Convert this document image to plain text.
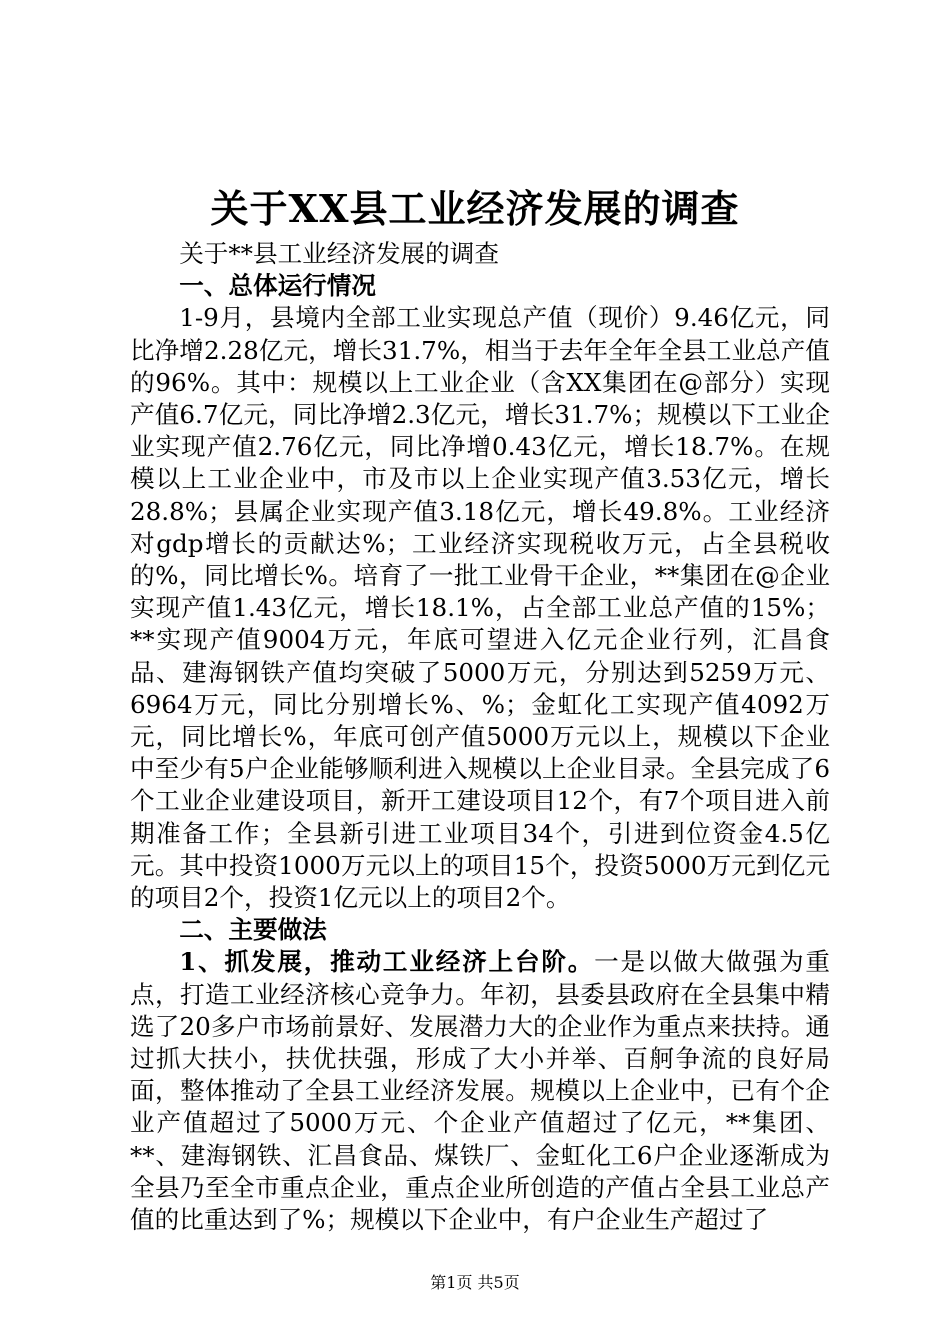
关于XX县工业经济发展的调查

关于**县工业经济发展的调查

一、总体运行情况

1-9月，县境内全部工业实现总产值（现价）9.46亿元，同比净增2.28亿元，增长31.7%，相当于去年全年全县工业总产值的96%。其中：规模以上工业企业（含XX集团在@部分）实现产值6.7亿元，同比净增2.3亿元，增长31.7%；规模以下工业企业实现产值2.76亿元，同比净增0.43亿元，增长18.7%。在规模以上工业企业中，市及市以上企业实现产值3.53亿元，增长28.8%；县属企业实现产值3.18亿元，增长49.8%。工业经济对gdp增长的贡献达%；工业经济实现税收万元，占全县税收的%，同比增长%。培育了一批工业骨干企业，**集团在@企业实现产值1.43亿元，增长18.1%，占全部工业总产值的15%；**实现产值9004万元，年底可望进入亿元企业行列，汇昌食品、建海钢铁产值均突破了5000万元，分别达到5259万元、6964万元，同比分别增长%、%；金虹化工实现产值4092万元，同比增长%，年底可创产值5000万元以上，规模以下企业中至少有5户企业能够顺利进入规模以上企业目录。全县完成了6个工业企业建设项目，新开工建设项目12个，有7个项目进入前期准备工作；全县新引进工业项目34个，引进到位资金4.5亿元。其中投资1000万元以上的项目15个，投资5000万元到亿元的项目2个，投资1亿元以上的项目2个。

二、主要做法

1、抓发展，推动工业经济上台阶。一是以做大做强为重点，打造工业经济核心竞争力。年初，县委县政府在全县集中精选了20多户市场前景好、发展潜力大的企业作为重点来扶持。通过抓大扶小，扶优扶强，形成了大小并举、百舸争流的良好局面，整体推动了全县工业经济发展。规模以上企业中，已有个企业产值超过了5000万元、个企业产值超过了亿元，**集团、**、建海钢铁、汇昌食品、煤铁厂、金虹化工6户企业逐渐成为全县乃至全市重点企业，重点企业所创造的产值占全县工业总产值的比重达到了%；规模以下企业中，有户企业生产超过了

第1页 共5页
